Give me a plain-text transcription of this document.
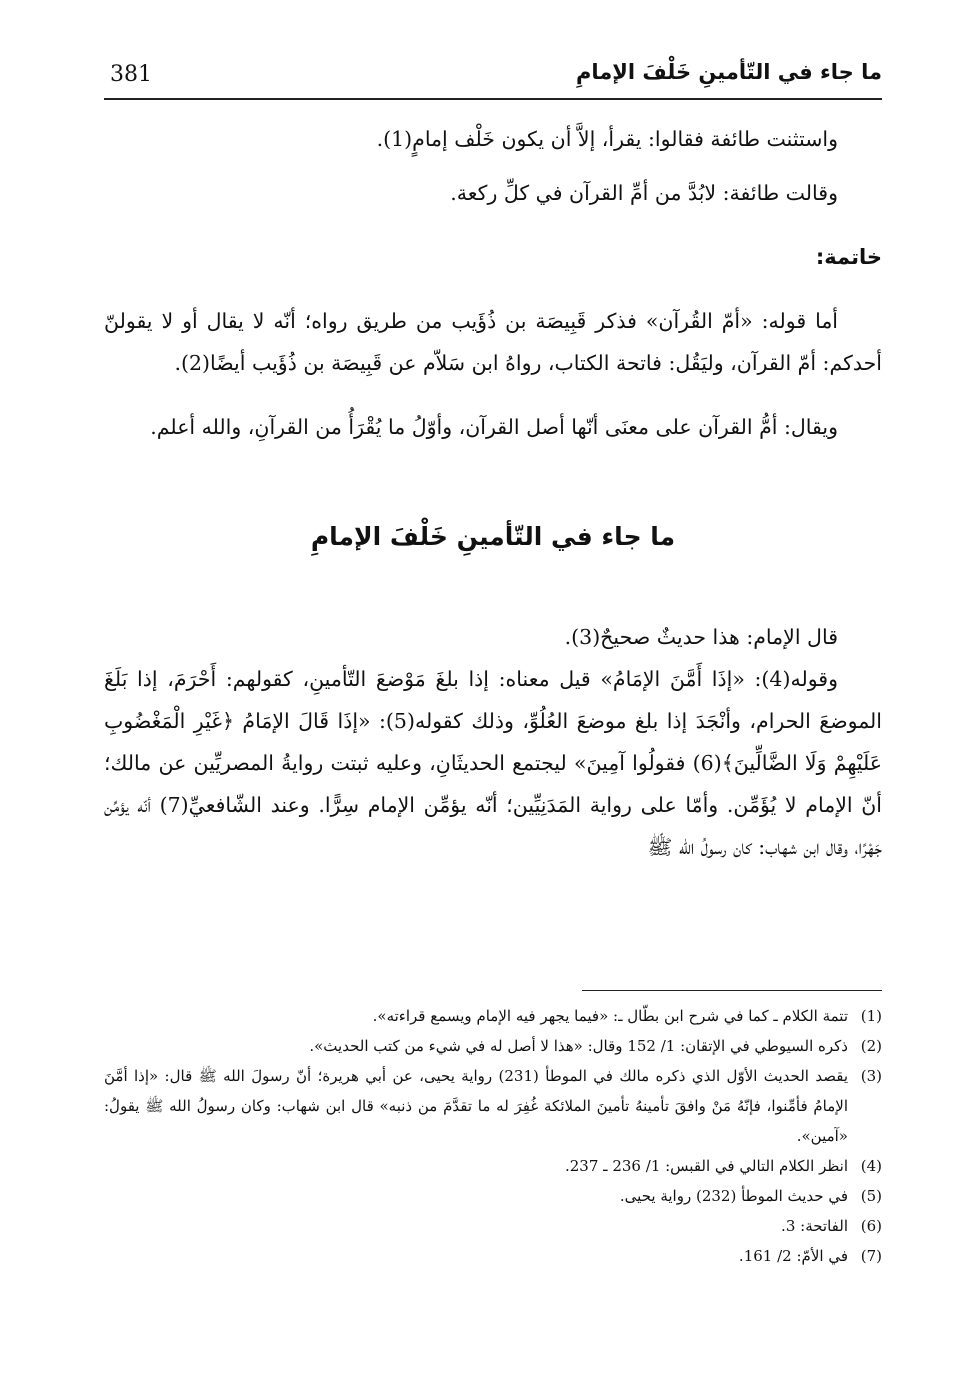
ما جاء في التّأمينِ خَلْفَ الإمامِ
381

واستثنت طائفة فقالوا: يقرأ، إلاَّ أن يكون خَلْف إمامٍ(1).

وقالت طائفة: لابُدَّ من أمِّ القرآن في كلِّ ركعة.

خاتمة:

أما قوله: «أمّ القُرآن» فذكر قَبِيصَة بن ذُؤَيب من طريق رواه؛ أنّه لا يقال أو لا يقولنّ أحدكم: أمّ القرآن، وليَقُل: فاتحة الكتاب، رواهُ ابن سَلاّم عن قَبِيصَة بن ذُؤَيب أيضًا(2).

ويقال: أمُّ القرآن على معنَى أنّها أصل القرآن، وأوّلُ ما يُقْرَأُ من القرآنِ، والله أعلم.

ما جاء في التّأمينِ خَلْفَ الإمامِ

قال الإمام: هذا حديثٌ صحيحٌ(3).

وقوله(4): «إذَا أَمَّنَ الإمَامُ» قيل معناه: إذا بلغَ مَوْضعَ التّأمينِ، كقولهم: أَحْرَمَ، إذا بَلَغَ الموضعَ الحرام، وأنْجَدَ إذا بلغ موضعَ العُلُوِّ، وذلك كقوله(5): «إذَا قَالَ الإمَامُ ﴿غَيْرِ الْمَغْضُوبِ عَلَيْهِمْ وَلَا الضَّالِّينَ﴾(6) فقولُوا آمِينَ» ليجتمع الحديثَانِ، وعليه ثبتت روايةُ المصريِّين عن مالك؛ أنّ الإمام لا يُؤَمِّن. وأمّا على رواية المَدَنِيِّين؛ أنّه يؤمِّن الإمام سِرًّا. وعند الشّافعيِّ(7) أنّه يؤمِّن جَهْرًا، وقال ابن شهاب: كان رسولُ الله ﷺ

(1)
تتمة الكلام ـ كما في شرح ابن بطّال ـ: «فيما يجهر فيه الإمام ويسمع قراءته».
(2)
ذكره السيوطي في الإتقان: 1/ 152 وقال: «هذا لا أصل له في شيء من كتب الحديث».
(3)
يقصد الحديث الأوّل الذي ذكره مالك في الموطأ (231) رواية يحيى، عن أبي هريرة؛ أنّ رسولَ الله ﷺ قال: «إذا أمَّنَ الإمامُ فأمِّنوا، فإنّهُ مَنْ وافقَ تأمينهُ تأمينَ الملائكة غُفِرَ له ما تقدَّمَ من ذنبه» قال ابن شهاب: وكان رسولُ الله ﷺ يقولُ: «آمين».
(4)
انظر الكلام التالي في القبس: 1/ 236 ـ 237.
(5)
في حديث الموطأ (232) رواية يحيى.
(6)
الفاتحة: 3.
(7)
في الأمّ: 2/ 161.
